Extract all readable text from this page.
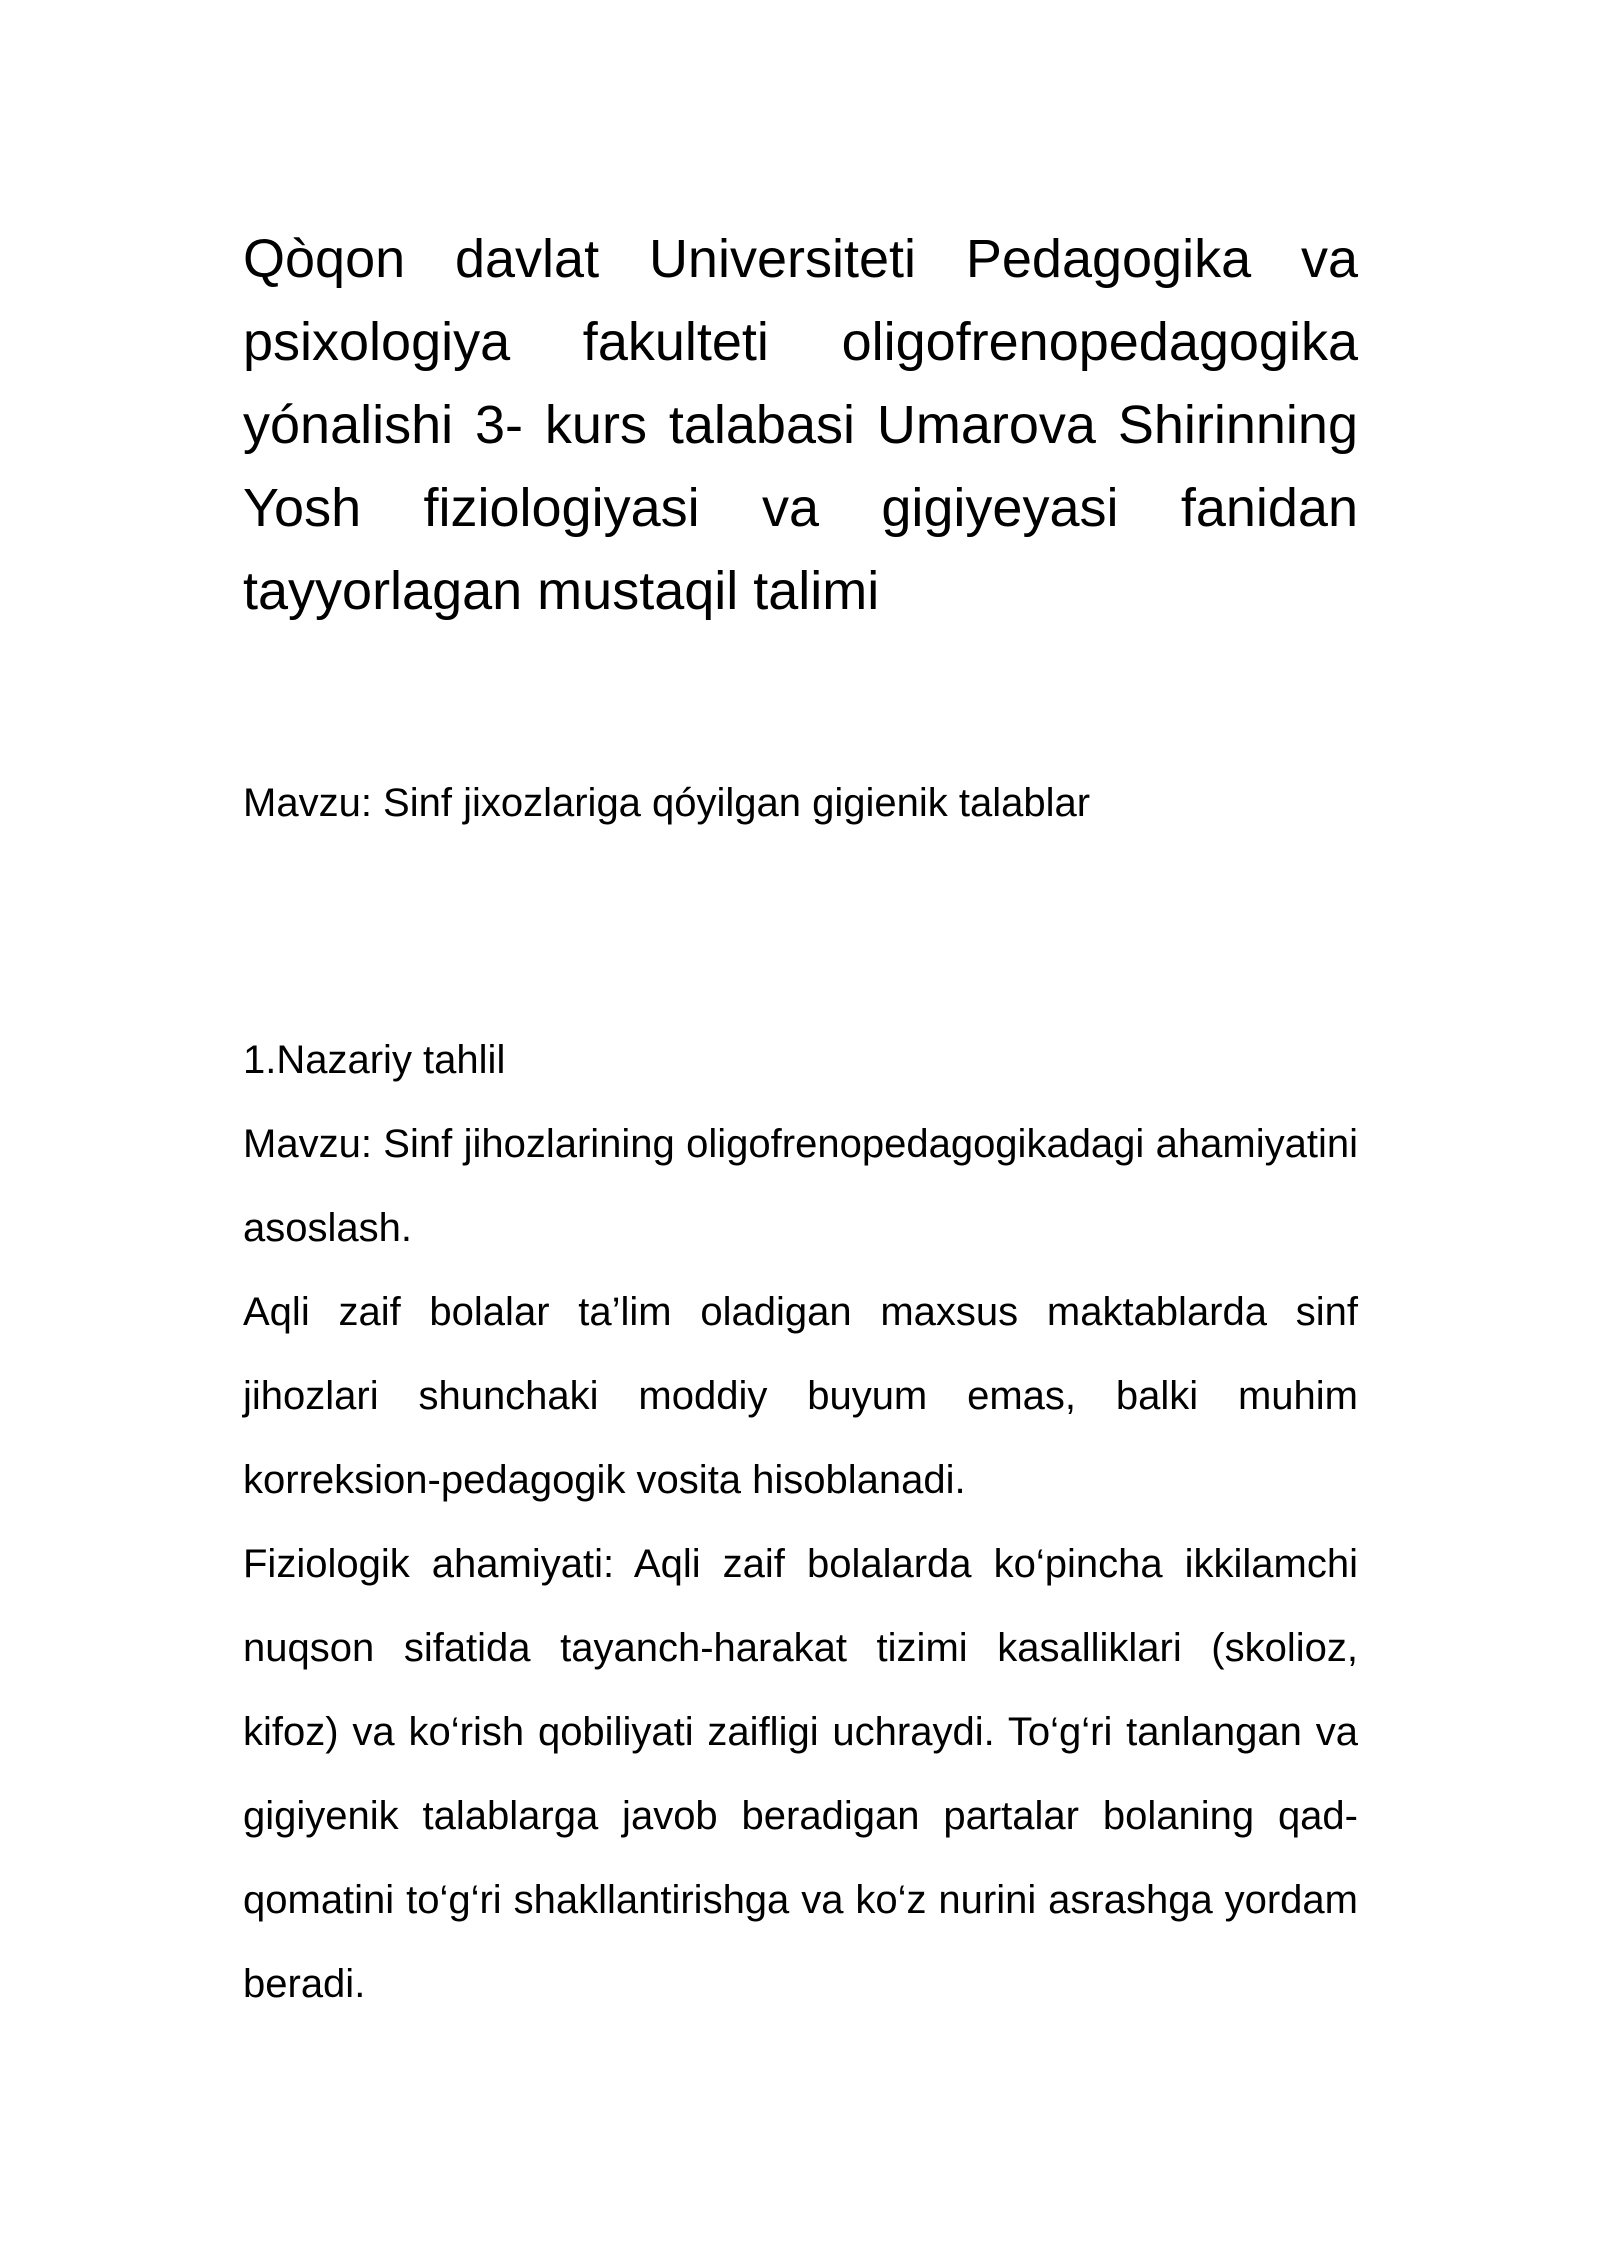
Qòqon davlat Universiteti Pedagogika va psixologiya fakulteti oligofrenopedagogika yónalishi 3- kurs talabasi Umarova Shirinning Yosh fiziologiyasi va gigiyeyasi fanidan tayyorlagan mustaqil talimi

Mavzu: Sinf jixozlariga qóyilgan gigienik talablar

1.Nazariy tahlil

Mavzu: Sinf jihozlarining oligofrenopedagogikadagi ahamiyatini asoslash.

Aqli zaif bolalar ta’lim oladigan maxsus maktablarda sinf jihozlari shunchaki moddiy buyum emas, balki muhim korreksion-pedagogik vosita hisoblanadi.

Fiziologik ahamiyati: Aqli zaif bolalarda ko‘pincha ikkilamchi nuqson sifatida tayanch-harakat tizimi kasalliklari (skolioz, kifoz) va ko‘rish qobiliyati zaifligi uchraydi. To‘g‘ri tanlangan va gigiyenik talablarga javob beradigan partalar bolaning qad-qomatini to‘g‘ri shakllantirishga va ko‘z nurini asrashga yordam beradi.
